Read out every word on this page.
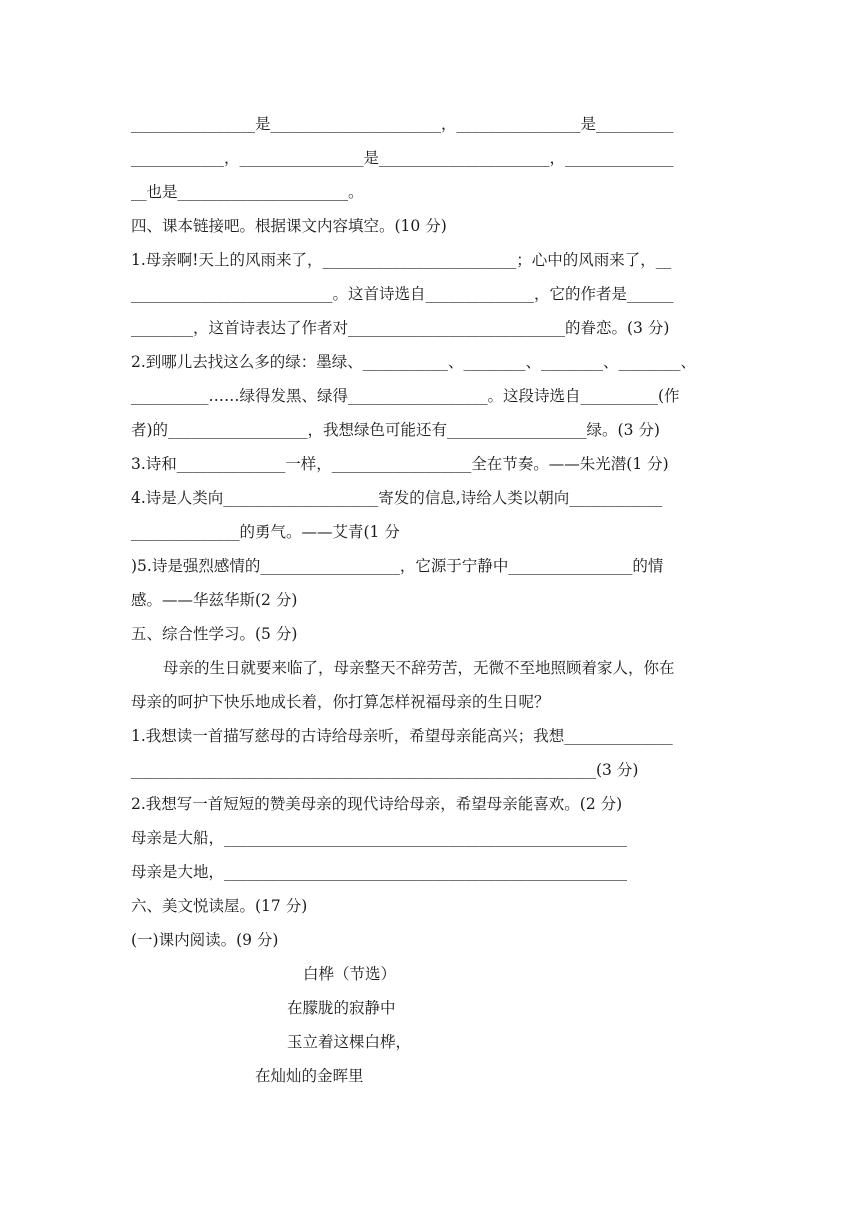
________________是______________________，________________是__________
____________，________________是______________________，______________
__也是______________________。
四、课本链接吧。根据课文内容填空。(10 分)
1.母亲啊!天上的风雨来了，_________________________；心中的风雨来了，__
__________________________。这首诗选自______________，它的作者是______
________，这首诗表达了作者对____________________________的眷恋。(3 分)
2.到哪儿去找这么多的绿：墨绿、___________、________、________、________、
__________……绿得发黑、绿得__________________。这段诗选自__________(作
者)的__________________，我想绿色可能还有__________________绿。(3 分)
3.诗和______________一样，__________________全在节奏。——朱光潜(1 分)
4.诗是人类向____________________寄发的信息,诗给人类以朝向____________
______________的勇气。——艾青(1 分
)5.诗是强烈感情的__________________，它源于宁静中________________的情
感。——华兹华斯(2 分)
五、综合性学习。(5 分)
母亲的生日就要来临了，母亲整天不辞劳苦，无微不至地照顾着家人，你在
母亲的呵护下快乐地成长着，你打算怎样祝福母亲的生日呢？
1.我想读一首描写慈母的古诗给母亲听，希望母亲能高兴；我想______________
____________________________________________________________(3 分)
2.我想写一首短短的赞美母亲的现代诗给母亲，希望母亲能喜欢。(2 分)
母亲是大船，____________________________________________________
母亲是大地，____________________________________________________
六、美文悦读屋。(17 分)
(一)课内阅读。(9 分)
白桦（节选）
在朦胧的寂静中
玉立着这棵白桦，
在灿灿的金晖里
